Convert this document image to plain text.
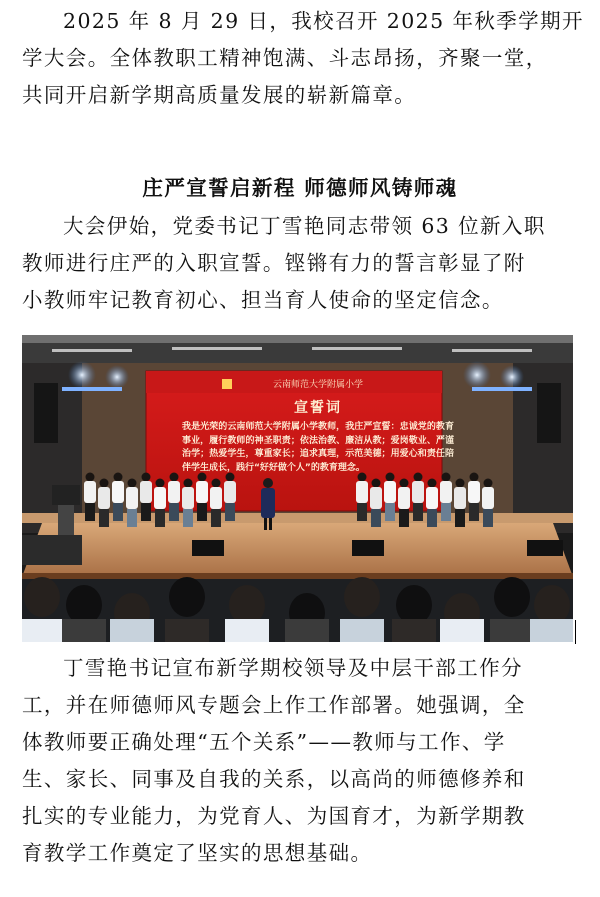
2025 年 8 月 29 日，我校召开 2025 年秋季学期开
学大会。全体教职工精神饱满、斗志昂扬，齐聚一堂，
共同开启新学期高质量发展的崭新篇章。
庄严宣誓启新程 师德师风铸师魂
大会伊始，党委书记丁雪艳同志带领 63 位新入职
教师进行庄严的入职宣誓。铿锵有力的誓言彰显了附
小教师牢记教育初心、担当育人使命的坚定信念。
云南师范大学附属小学
宣誓词
我是光荣的云南师范大学附属小学教师，我庄严宣誓：忠诚党的教育事业，履行教师的神圣职责；依法治教、廉洁从教；爱岗敬业、严谨治学；热爱学生，尊重家长；追求真理，示范美德；用爱心和责任陪伴学生成长，践行“好好做个人”的教育理念。
丁雪艳书记宣布新学期校领导及中层干部工作分
工，并在师德师风专题会上作工作部署。她强调，全
体教师要正确处理“五个关系”——教师与工作、学
生、家长、同事及自我的关系，以高尚的师德修养和
扎实的专业能力，为党育人、为国育才，为新学期教
育教学工作奠定了坚实的思想基础。
